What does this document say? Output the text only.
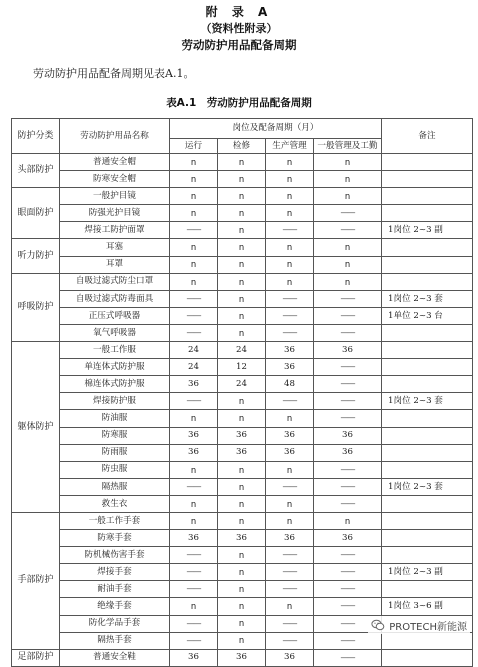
附 录 A
（资料性附录）
劳动防护用品配备周期
劳动防护用品配备周期见表A.1。
表A.1　劳动防护用品配备周期
防护分类	劳动防护用品名称	岗位及配备周期（月）				备注
		运行	检修	生产管理	一般管理及工勤	
头部防护	普通安全帽	n	n	n	n	
	防寒安全帽	n	n	n	n	
眼面防护	一般护目镜	n	n	n	n	
	防强光护目镜	n	n	n	——	
	焊接工防护面罩	——	n	——	——	1岗位 2~3 副
听力防护	耳塞	n	n	n	n	
	耳罩	n	n	n	n	
呼吸防护	自吸过滤式防尘口罩	n	n	n	n	
	自吸过滤式防毒面具	——	n	——	——	1岗位 2~3 套
	正压式呼吸器	——	n	——	——	1单位 2~3 台
	氧气呼吸器	——	n	——	——	
躯体防护	一般工作服	24	24	36	36	
	单连体式防护服	24	12	36	——	
	棉连体式防护服	36	24	48	——	
	焊接防护服	——	n	——	——	1岗位 2~3 套
	防油服	n	n	n	——	
	防寒服	36	36	36	36	
	防雨服	36	36	36	36	
	防虫服	n	n	n	——	
	隔热服	——	n	——	——	1岗位 2~3 套
	救生衣	n	n	n	——	
手部防护	一般工作手套	n	n	n	n	
	防寒手套	36	36	36	36	
	防机械伤害手套	——	n	——	——	
	焊接手套	——	n	——	——	1岗位 2~3 副
	耐油手套	——	n	——	——	
	绝缘手套	n	n	n	——	1岗位 3~6 副
	防化学品手套	——	n	——	——	
	隔热手套	——	n	——	——	
足部防护	普通安全鞋	36	36	36	——	
PROTECH新能源
